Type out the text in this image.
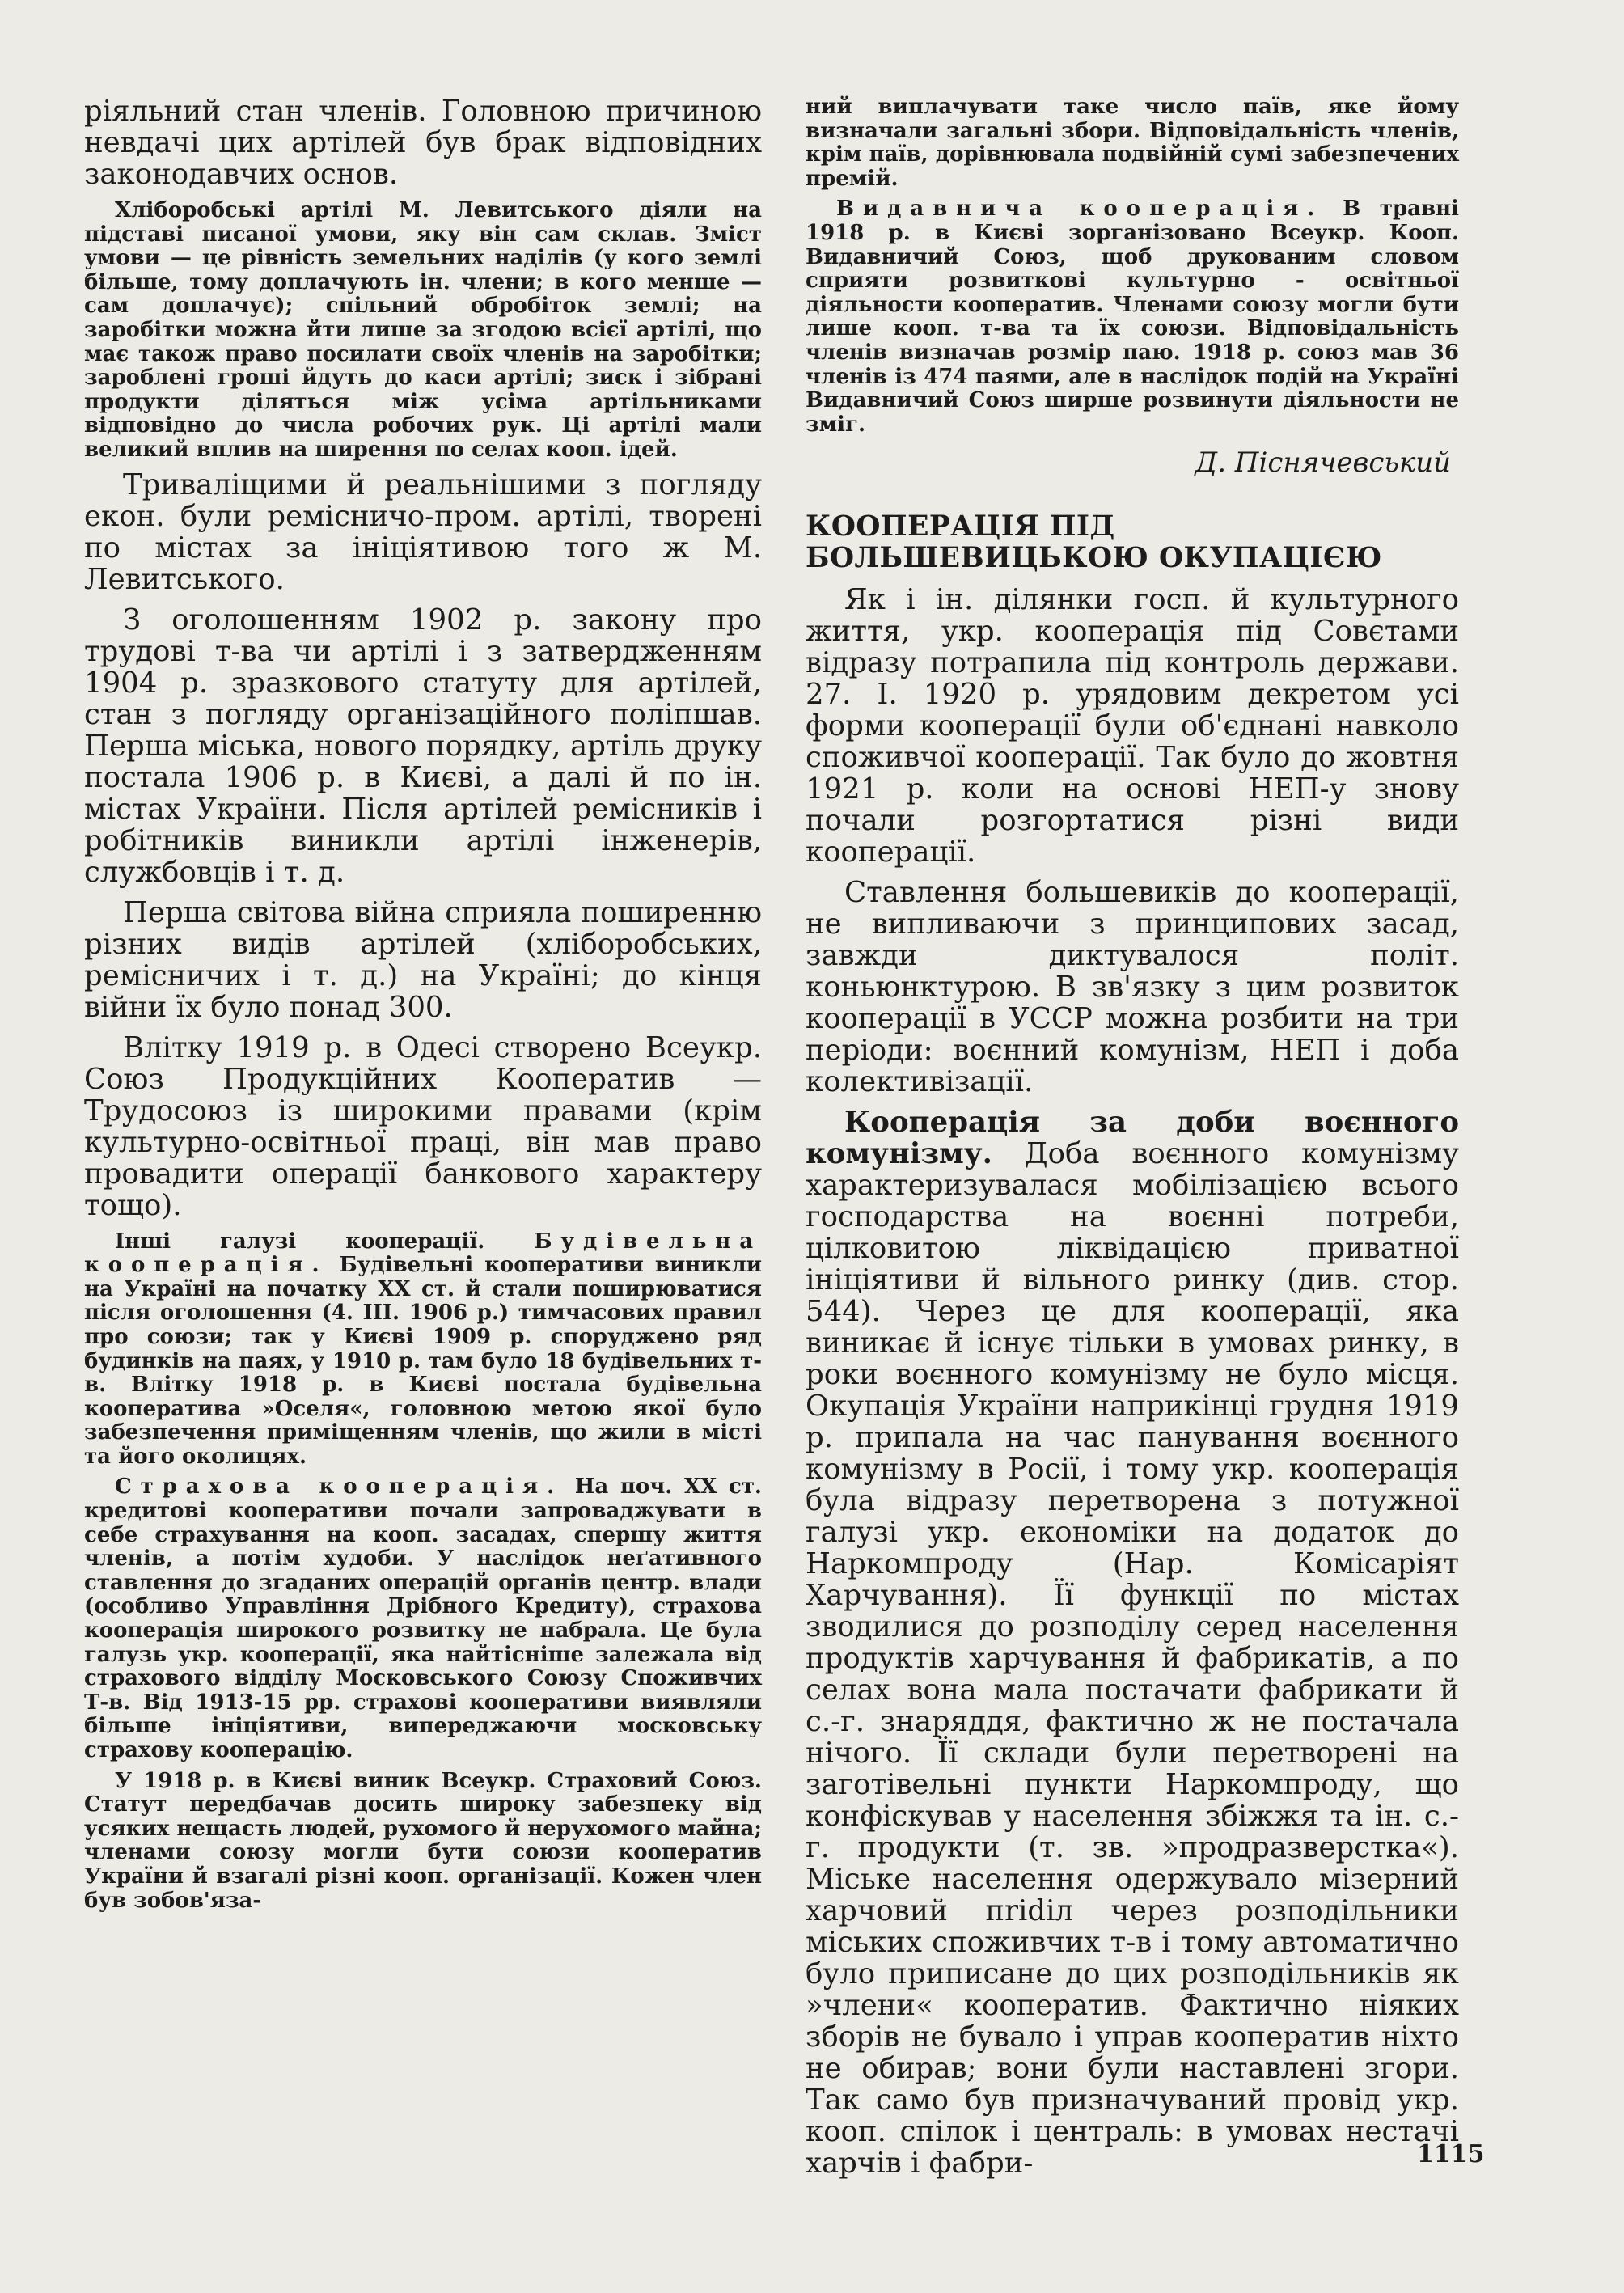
ріяльний стан членів. Головною причиною невдачі цих артілей був брак відповідних законодавчих основ.

Хліборобські артілі М. Левитського діяли на підставі писаної умови, яку він сам склав. Зміст умови — це рівність земельних наділів (у кого землі більше, тому доплачують ін. члени; в кого менше — сам доплачує); спільний обробіток землі; на заробітки можна йти лише за згодою всієї артілі, що має також право посилати своїх членів на заробітки; зароблені гроші йдуть до каси артілі; зиск і зібрані продукти діляться між усіма артільниками відповідно до числа робочих рук. Ці артілі мали великий вплив на ширення по селах кооп. ідей.

Триваліщими й реальнішими з погляду екон. були ремісничо-пром. артілі, творені по містах за ініціятивою того ж М. Левитського.

З оголошенням 1902 р. закону про трудові т-ва чи артілі і з затвердженням 1904 р. зразкового статуту для артілей, стан з погляду організаційного поліпшав. Перша міська, нового порядку, артіль друку постала 1906 р. в Києві, а далі й по ін. містах України. Після артілей ремісників і робітників виникли артілі інженерів, службовців і т. д.

Перша світова війна сприяла поширенню різних видів артілей (хліборобських, ремісничих і т. д.) на Україні; до кінця війни їх було понад 300.

Влітку 1919 р. в Одесі створено Всеукр. Союз Продукційних Кооператив — Трудосоюз із широкими правами (крім культурно-освітньої праці, він мав право провадити операції банкового характеру тощо).

Інші галузі кооперації. Будівельна кооперація. Будівельні кооперативи виникли на Україні на початку XX ст. й стали поширюватися після оголошення (4. III. 1906 р.) тимчасових правил про союзи; так у Києві 1909 р. споруджено ряд будинків на паях, у 1910 р. там було 18 будівельних т-в. Влітку 1918 р. в Києві постала будівельна кооператива »Оселя«, головною метою якої було забезпечення приміщенням членів, що жили в місті та його околицях.

Страхова кооперація. На поч. XX ст. кредитові кооперативи почали запроваджувати в себе страхування на кооп. засадах, спершу життя членів, а потім худоби. У наслідок неґативного ставлення до згаданих операцій органів центр. влади (особливо Управління Дрібного Кредиту), страхова кооперація широкого розвитку не набрала. Це була галузь укр. кооперації, яка найтісніше залежала від страхового відділу Московського Союзу Споживчих Т-в. Від 1913-15 рр. страхові кооперативи виявляли більше ініціятиви, випереджаючи московську страхову кооперацію.

У 1918 р. в Києві виник Всеукр. Страховий Союз. Статут передбачав досить широку забезпеку від усяких нещасть людей, рухомого й нерухомого майна; членами союзу могли бути союзи кооператив України й взагалі різні кооп. організації. Кожен член був зобов'яза-

ний виплачувати таке число паїв, яке йому визначали загальні збори. Відповідальність членів, крім паїв, дорівнювала подвійній сумі забезпечених премій.

Видавнича кооперація. В травні 1918 р. в Києві зорганізовано Всеукр. Кооп. Видавничий Союз, щоб друкованим словом сприяти розвиткові культурно - освітньої діяльности кооператив. Членами союзу могли бути лише кооп. т-ва та їх союзи. Відповідальність членів визначав розмір паю. 1918 р. союз мав 36 членів із 474 паями, але в наслідок подій на Україні Видавничий Союз ширше розвинути діяльности не зміг.

Д. Піснячевський

КООПЕРАЦІЯ ПІД БОЛЬШЕВИЦЬКОЮ ОКУПАЦІЄЮ

Як і ін. ділянки госп. й культурного життя, укр. кооперація під Совєтами відразу потрапила під контроль держави. 27. I. 1920 р. урядовим декретом усі форми кооперації були об'єднані навколо споживчої кооперації. Так було до жовтня 1921 р. коли на основі НЕП-у знову почали розгортатися різні види кооперації.

Ставлення большевиків до кооперації, не випливаючи з принципових засад, завжди диктувалося політ. коньюнктурою. В зв'язку з цим розвиток кооперації в УССР можна розбити на три періоди: воєнний комунізм, НЕП і доба колективізації.

Кооперація за доби воєнного комунізму. Доба воєнного комунізму характеризувалася мобілізацією всього господарства на воєнні потреби, цілковитою ліквідацією приватної ініціятиви й вільного ринку (див. стор. 544). Через це для кооперації, яка виникає й існує тільки в умовах ринку, в роки воєнного комунізму не було місця. Окупація України наприкінці грудня 1919 р. припала на час панування воєнного комунізму в Росії, і тому укр. кооперація була відразу перетворена з потужної галузі укр. економіки на додаток до Наркомпроду (Нар. Комісаріят Харчування). Її функції по містах зводилися до розподілу серед населення продуктів харчування й фабрикатів, а по селах вона мала постачати фабрикати й с.-г. знаряддя, фактично ж не постачала нічого. Її склади були перетворені на заготівельні пункти Наркомпроду, що конфіскував у населення збіжжя та ін. с.-г. продукти (т. зв. »продразверстка«). Міське населення одержувало мізерний харчовий пridіл через розподільники міських споживчих т-в і тому автоматично було приписане до цих розподільників як »члени« кооператив. Фактично ніяких зборів не бувало і управ кооператив ніхто не обирав; вони були наставлені згори. Так само був призначуваний провід укр. кооп. спілок і централь: в умовах нестачі харчів і фабри-	1115
